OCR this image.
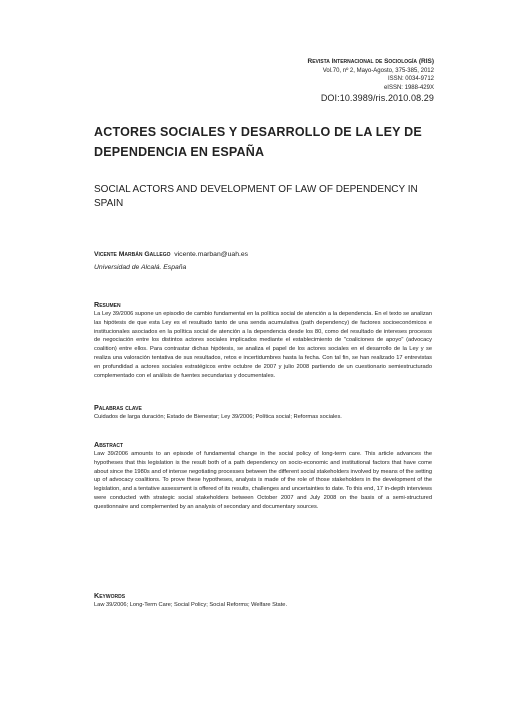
Revista Internacional de Sociología (RIS)
Vol.70, nº 2, Mayo-Agosto, 375-385, 2012
ISSN: 0034-9712
eISSN: 1988-429X
DOI:10.3989/ris.2010.08.29
ACTORES SOCIALES Y DESARROLLO DE LA LEY DE DEPENDENCIA EN ESPAÑA
SOCIAL ACTORS AND DEVELOPMENT OF LAW OF DEPENDENCY IN SPAIN
Vicente Marbán Gallego vicente.marban@uah.es
Universidad de Alcalá. España
Resumen
La Ley 39/2006 supone un episodio de cambio fundamental en la política social de atención a la dependencia. En el texto se analizan las hipótesis de que esta Ley es el resultado tanto de una senda acumulativa (path dependency) de factores socioeconómicos e institucionales asociados en la política social de atención a la dependencia desde los 80, como del resultado de intereses procesos de negociación entre los distintos actores sociales implicados mediante el establecimiento de "coaliciones de apoyo" (advocacy coalition) entre ellos. Para contrastar dichas hipótesis, se analiza el papel de los actores sociales en el desarrollo de la Ley y se realiza una valoración tentativa de sus resultados, retos e incertidumbres hasta la fecha. Con tal fin, se han realizado 17 entrevistas en profundidad a actores sociales estratégicos entre octubre de 2007 y julio 2008 partiendo de un cuestionario semiestructurado complementado con el análisis de fuentes secundarias y documentales.
Palabras clave
Cuidados de larga duración; Estado de Bienestar; Ley 39/2006; Política social; Reformas sociales.
Abstract
Law 39/2006 amounts to an episode of fundamental change in the social policy of long-term care. This article advances the hypotheses that this legislation is the result both of a path dependency on socio-economic and institutional factors that have come about since the 1980s and of intense negotiating processes between the different social stakeholders involved by means of the setting up of advocacy coalitions. To prove these hypotheses, analysis is made of the role of those stakeholders in the development of the legislation, and a tentative assessment is offered of its results, challenges and uncertainties to date. To this end, 17 in-depth interviews were conducted with strategic social stakeholders between October 2007 and July 2008 on the basis of a semi-structured questionnaire and complemented by an analysis of secondary and documentary sources.
Keywords
Law 39/2006; Long-Term Care; Social Policy; Social Reforms; Welfare State.
